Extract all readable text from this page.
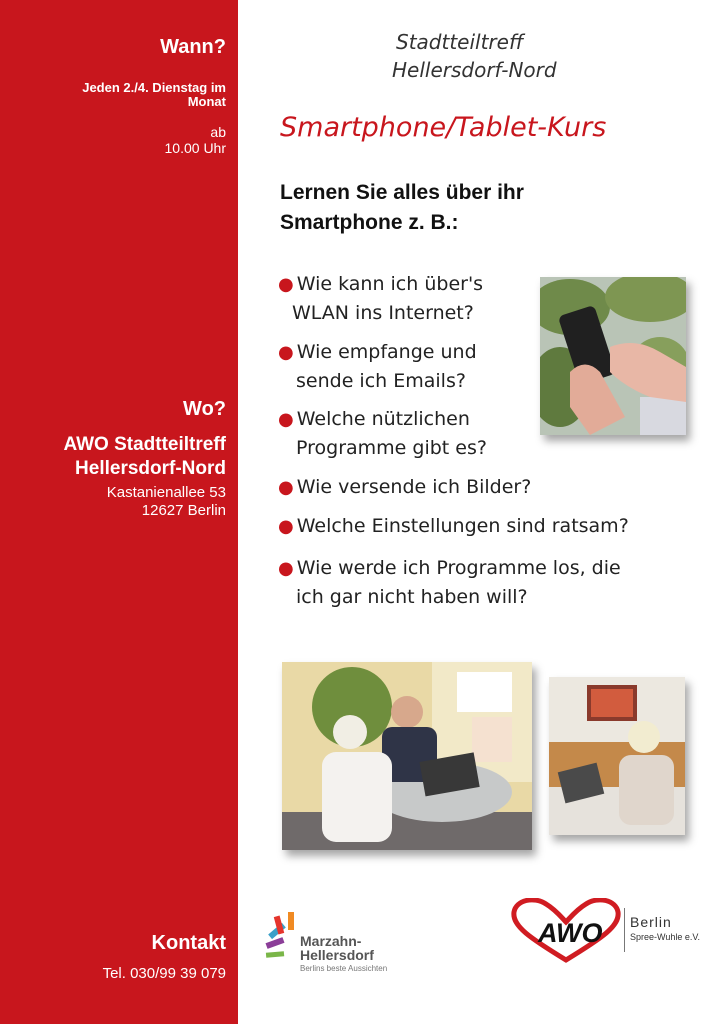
Wann?
Jeden 2./4. Dienstag im
Monat
ab
10.00 Uhr
Wo?
AWO Stadtteiltreff
Hellersdorf-Nord
Kastanienallee 53
12627 Berlin
Kontakt
Tel. 030/99 39 079
Stadtteiltreff
Hellersdorf-Nord
Smartphone/Tablet-Kurs
Lernen Sie alles über ihr
Smartphone z. B.:
● Wie kann ich über's
WLAN ins Internet?
● Wie empfange und
sende ich Emails?
● Welche nützlichen
Programme gibt es?
● Wie versende ich Bilder?
● Welche Einstellungen sind ratsam?
● Wie werde ich Programme los, die
ich gar nicht haben will?
Marzahn-
Hellersdorf
Berlins beste Aussichten
AWO Berlin
Spree-Wuhle e.V.
